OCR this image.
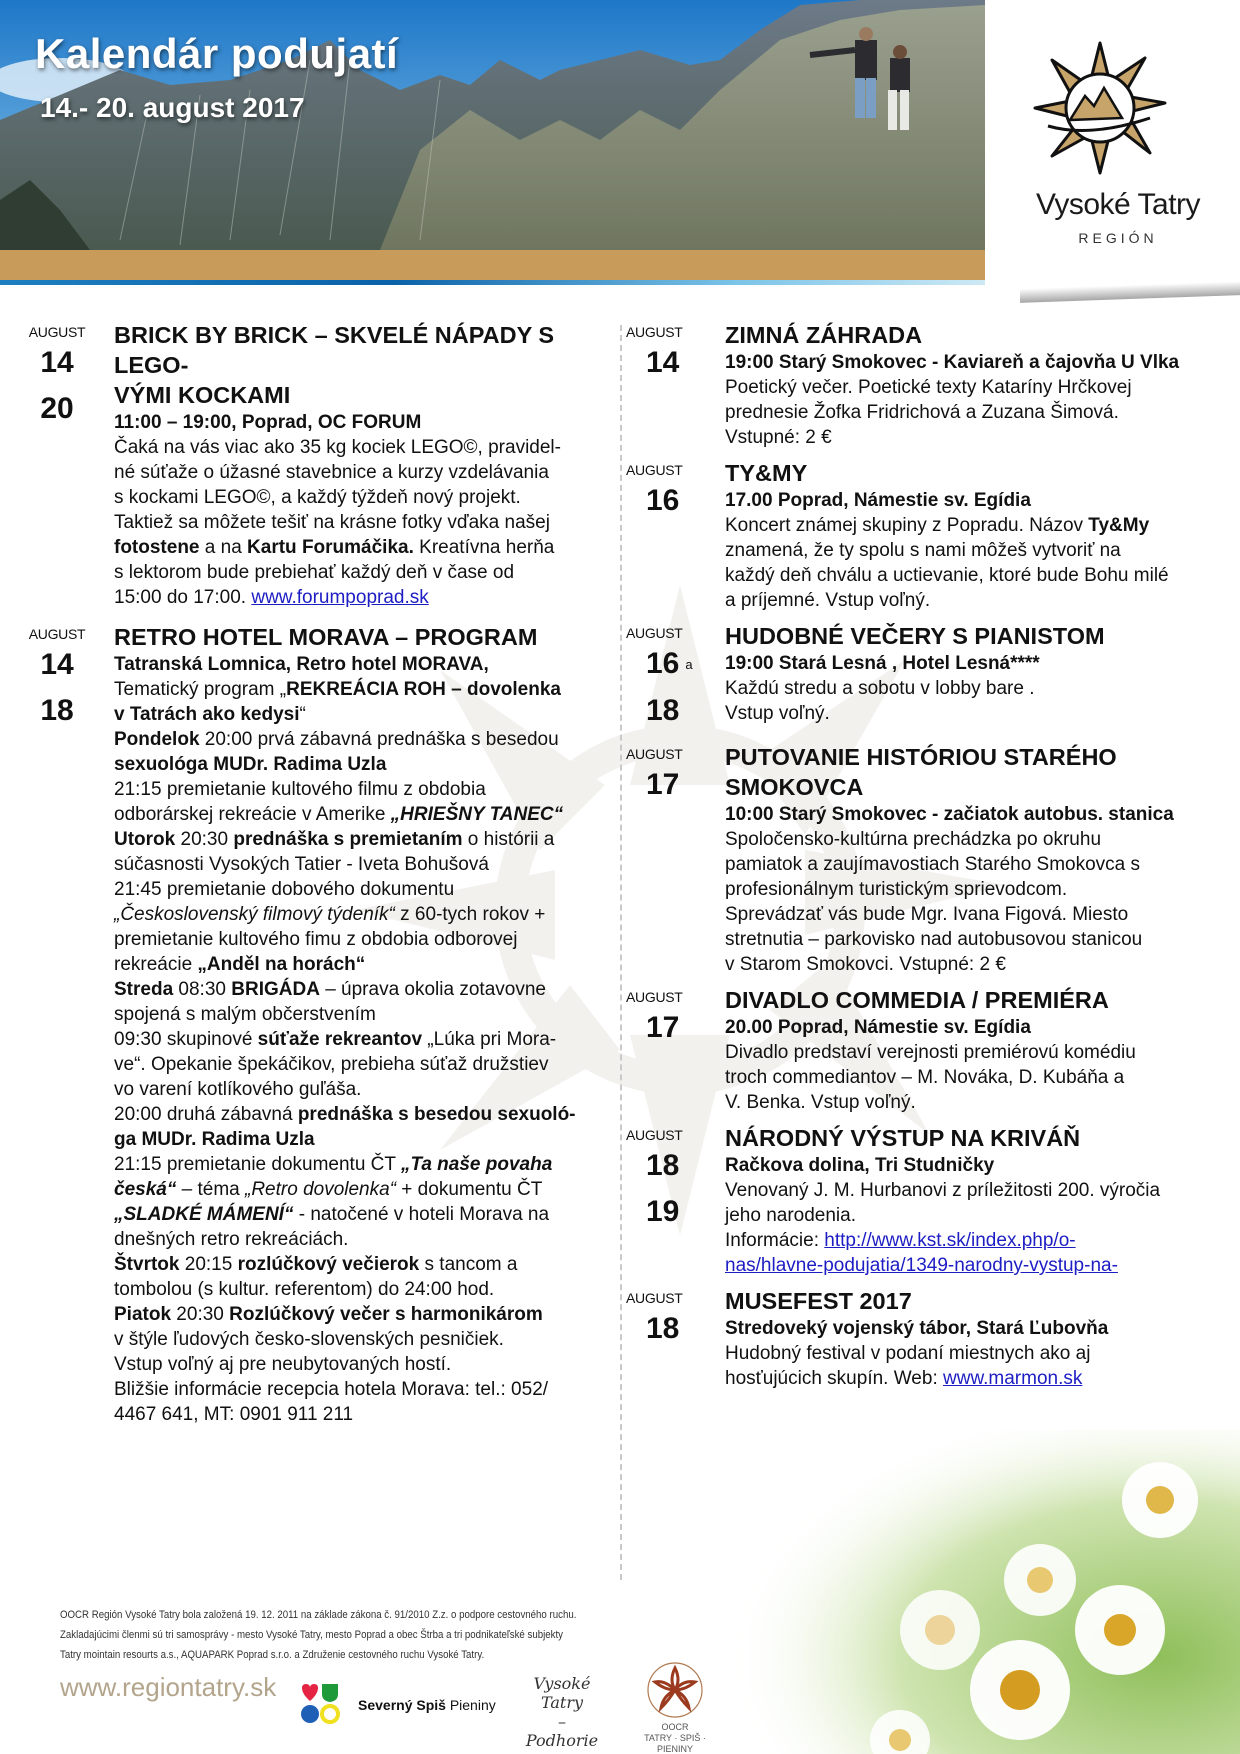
Kalendár podujatí
14.- 20. august 2017
Vysoké Tatry
REGIÓN
AUGUST
14
20
BRICK BY BRICK – SKVELÉ NÁPADY S LEGO-
VÝMI KOCKAMI
11:00 – 19:00, Poprad, OC FORUM
Čaká na vás viac ako 35 kg kociek LEGO©, pravidel-
né súťaže o úžasné stavebnice a kurzy vzdelávania
s kockami LEGO©, a každý týždeň nový projekt.
Taktiež sa môžete tešiť na krásne fotky vďaka našej
fotostene a na Kartu Forumáčika. Kreatívna herňa
s lektorom bude prebiehať každý deň v čase od
15:00 do 17:00. www.forumpoprad.sk
AUGUST
14
18
RETRO HOTEL MORAVA – PROGRAM
Tatranská Lomnica, Retro hotel MORAVA,
Tematický program „REKREÁCIA ROH – dovolenka
v Tatrách ako kedysi“
Pondelok 20:00 prvá zábavná prednáška s besedou
sexuológa MUDr. Radima Uzla
21:15 premietanie kultového filmu z obdobia
odborárskej rekreácie v Amerike „HRIEŠNY TANEC“
Utorok 20:30 prednáška s premietaním o histórii a
súčasnosti Vysokých Tatier - Iveta Bohušová
21:45 premietanie dobového dokumentu
„Československý filmový týdeník“ z 60-tych rokov +
premietanie kultového fimu z obdobia odborovej
rekreácie „Anděl na horách“
Streda 08:30 BRIGÁDA – úprava okolia zotavovne
spojená s malým občerstvením
09:30 skupinové súťaže rekreantov „Lúka pri Mora-
ve“. Opekanie špekáčikov, prebieha súťaž družstiev
vo varení kotlíkového guľáša.
20:00 druhá zábavná prednáška s besedou sexuoló-
ga MUDr. Radima Uzla
21:15 premietanie dokumentu ČT „Ta naše povaha
česká“ – téma „Retro dovolenka“ + dokumentu ČT
„SLADKÉ MÁMENÍ“ - natočené v hoteli Morava na
dnešných retro rekreáciách.
Štvrtok 20:15 rozlúčkový večierok s tancom a
tombolou (s kultur. referentom) do 24:00 hod.
Piatok 20:30 Rozlúčkový večer s harmonikárom
v štýle ľudových česko-slovenských pesničiek.
Vstup voľný aj pre neubytovaných hostí.
Bližšie informácie recepcia hotela Morava: tel.: 052/
4467 641, MT: 0901 911 211
AUGUST
14
ZIMNÁ ZÁHRADA
19:00 Starý Smokovec - Kaviareň a čajovňa U Vlka
Poetický večer. Poetické texty Kataríny Hrčkovej
prednesie Žofka Fridrichová a Zuzana Šimová.
Vstupné: 2 €
AUGUST
16
TY&MY
17.00 Poprad, Námestie sv. Egídia
Koncert známej skupiny z Popradu. Názov Ty&My
znamená, že ty spolu s nami môžeš vytvoriť na
každý deň chválu a uctievanie, ktoré bude Bohu milé
a príjemné. Vstup voľný.
AUGUST
16 a
18
HUDOBNÉ VEČERY S PIANISTOM
19:00 Stará Lesná , Hotel Lesná****
Každú stredu a sobotu v lobby bare .
Vstup voľný.
AUGUST
17
PUTOVANIE HISTÓRIOU STARÉHO
SMOKOVCA
10:00 Starý Smokovec - začiatok autobus. stanica
Spoločensko-kultúrna prechádzka po okruhu
pamiatok a zaujímavostiach Starého Smokovca s
profesionálnym turistickým sprievodcom.
Sprevádzať vás bude Mgr. Ivana Figová. Miesto
stretnutia – parkovisko nad autobusovou stanicou
v Starom Smokovci. Vstupné: 2 €
AUGUST
17
DIVADLO COMMEDIA / PREMIÉRA
20.00 Poprad, Námestie sv. Egídia
Divadlo predstaví verejnosti premiérovú komédiu
troch commediantov – M. Nováka, D. Kubáňa a
V. Benka. Vstup voľný.
AUGUST
18
19
NÁRODNÝ VÝSTUP NA KRIVÁŇ
Račkova dolina, Tri Studničky
Venovaný J. M. Hurbanovi z príležitosti 200. výročia
jeho narodenia.
Informácie: http://www.kst.sk/index.php/o-
nas/hlavne-podujatia/1349-narodny-vystup-na-
AUGUST
18
MUSEFEST 2017
Stredoveký vojenský tábor, Stará Ľubovňa
Hudobný festival v podaní miestnych ako aj
hosťujúcich skupín. Web: www.marmon.sk
OOCR Región Vysoké Tatry bola založená 19. 12. 2011 na základe zákona č. 91/2010 Z.z. o podpore cestovného ruchu.
Zakladajúcimi členmi sú tri samosprávy - mesto Vysoké Tatry, mesto Poprad a obec Štrba a tri podnikateľské subjekty
Tatry mointain resourts a.s., AQUAPARK Poprad s.r.o. a Združenie cestovného ruchu Vysoké Tatry.
www.regiontatry.sk
Severný Spiš Pieniny
Vysoké Tatry
– Podhorie
OOCR
TATRY · SPIŠ · PIENINY
